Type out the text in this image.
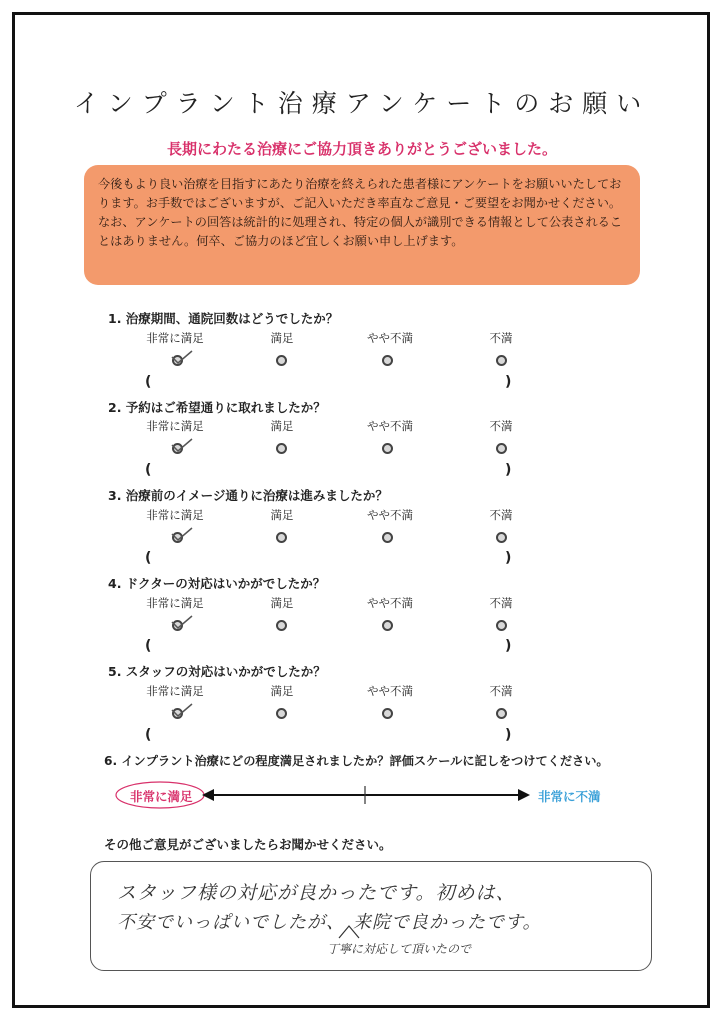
インプラント治療アンケートのお願い
長期にわたる治療にご協力頂きありがとうございました。

今後もより良い治療を目指すにあたり治療を終えられた患者様にアンケートをお願いいたしております。お手数ではございますが、ご記入いただき率直なご意見・ご要望をお聞かせください。

なお、アンケートの回答は統計的に処理され、特定の個人が識別できる情報として公表されることはありません。何卒、ご協力のほど宜しくお願い申し上げます。

1. 治療期間、通院回数はどうでしたか？
非常に満足	満足	やや不満	不満
(	)
2. 予約はご希望通りに取れましたか？
非常に満足	満足	やや不満	不満
(	)
3. 治療前のイメージ通りに治療は進みましたか？
非常に満足	満足	やや不満	不満
(	)
4. ドクターの対応はいかがでしたか？
非常に満足	満足	やや不満	不満
(	)
5. スタッフの対応はいかがでしたか？
非常に満足	満足	やや不満	不満
(	)
6. インプラント治療にどの程度満足されましたか？評価スケールに記しをつけてください。
非常に満足	非常に不満
その他ご意見がございましたらお聞かせください。
スタッフ様の対応が良かったです。初めは、
不安でいっぱいでしたが、 来院で良かったです。
丁寧に対応して頂いたので
